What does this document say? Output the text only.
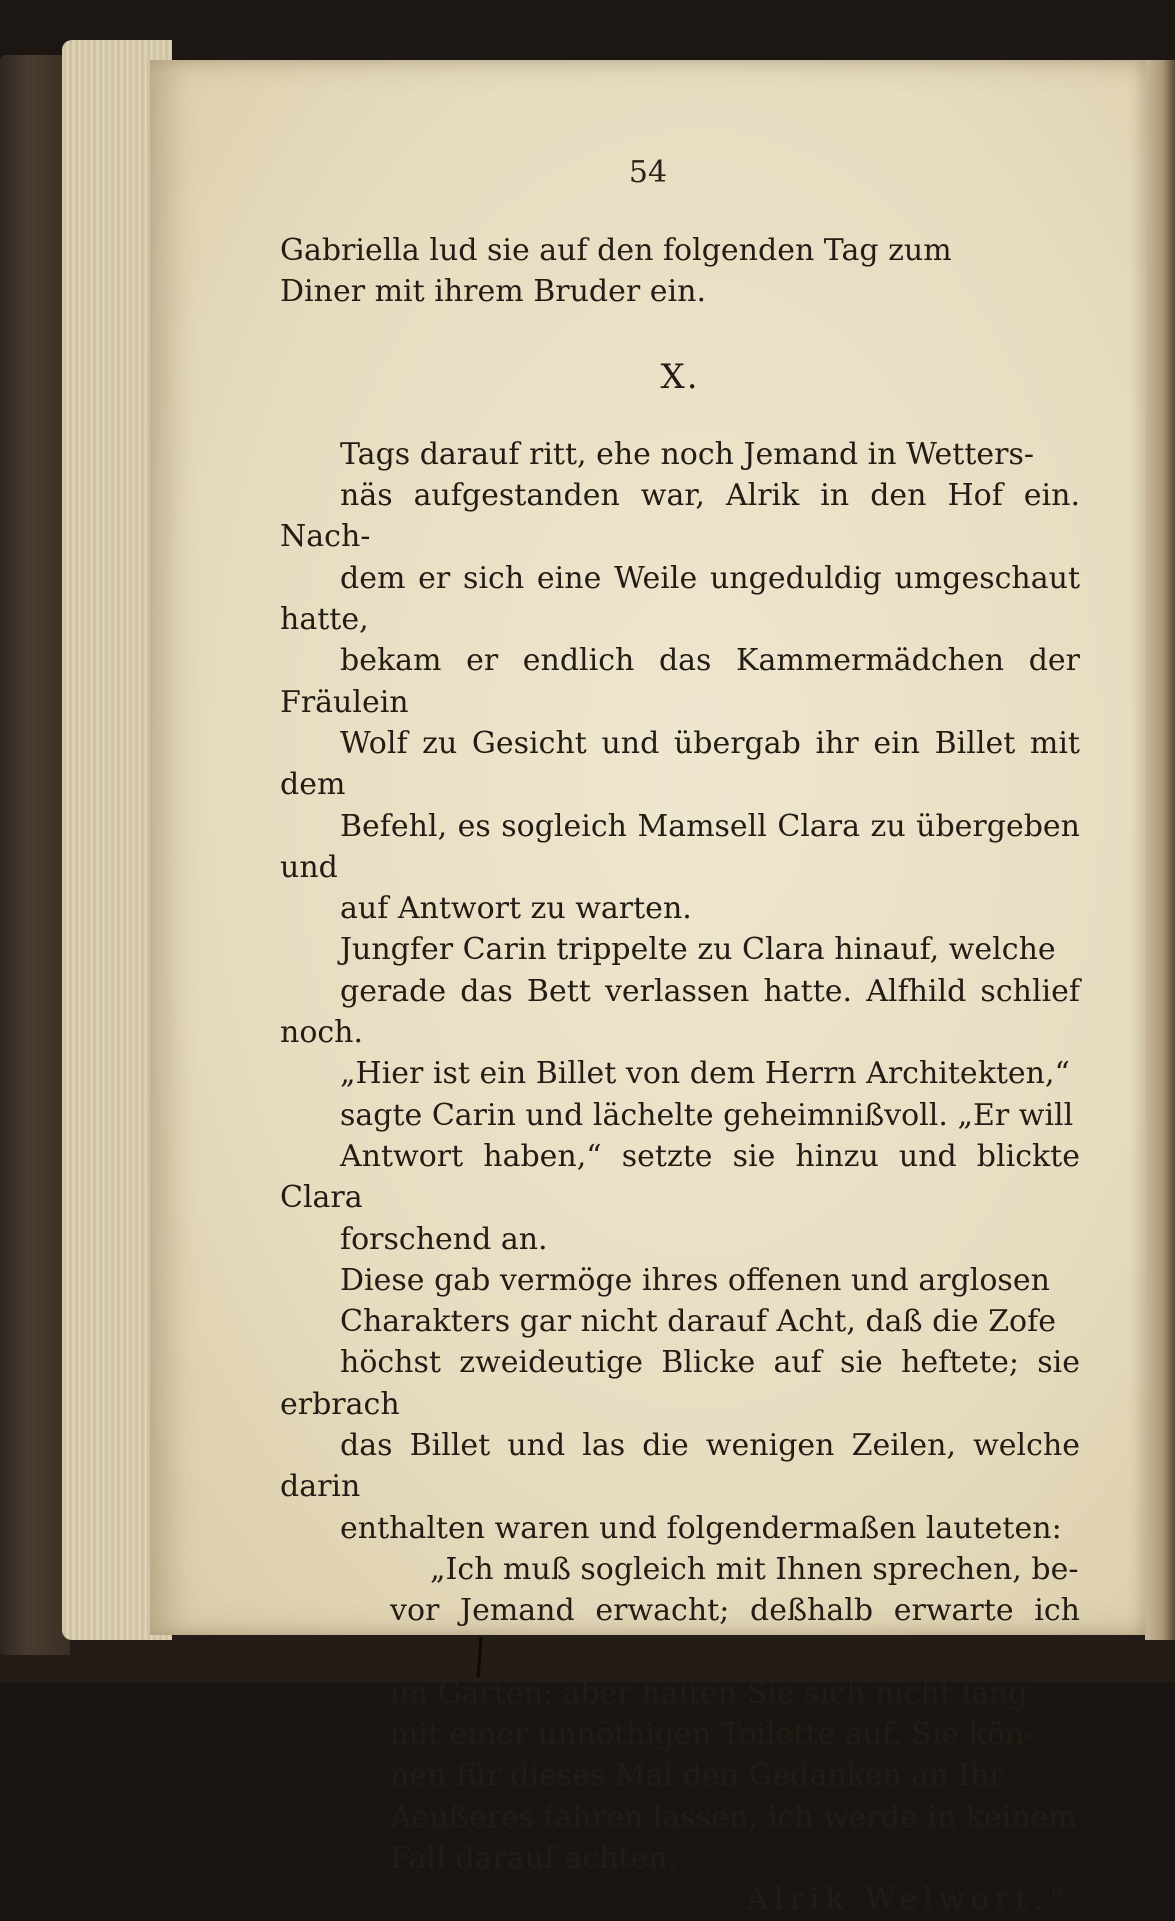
54

Gabriella lud sie auf den folgenden Tag zum
Diner mit ihrem Bruder ein.

X.

Tags darauf ritt, ehe noch Jemand in Wetters-
näs aufgestanden war, Alrik in den Hof ein. Nach-
dem er sich eine Weile ungeduldig umgeschaut hatte,
bekam er endlich das Kammermädchen der Fräulein
Wolf zu Gesicht und übergab ihr ein Billet mit dem
Befehl, es sogleich Mamsell Clara zu übergeben und
auf Antwort zu warten.

Jungfer Carin trippelte zu Clara hinauf, welche
gerade das Bett verlassen hatte. Alfhild schlief noch.

„Hier ist ein Billet von dem Herrn Architekten,“
sagte Carin und lächelte geheimnißvoll. „Er will
Antwort haben,“ setzte sie hinzu und blickte Clara
forschend an.

Diese gab vermöge ihres offenen und arglosen
Charakters gar nicht darauf Acht, daß die Zofe
höchst zweideutige Blicke auf sie heftete; sie erbrach
das Billet und las die wenigen Zeilen, welche darin
enthalten waren und folgendermaßen lauteten:

„Ich muß sogleich mit Ihnen sprechen, be-
vor Jemand erwacht; deßhalb erwarte ich Sie
im Garten; aber halten Sie sich nicht lang
mit einer unnöthigen Toilette auf. Sie kön-
nen für dieses Mal den Gedanken an Ihr
Aeußeres fahren lassen; ich werde in keinem
Fall darauf achten.

Alrik Welwort.“
